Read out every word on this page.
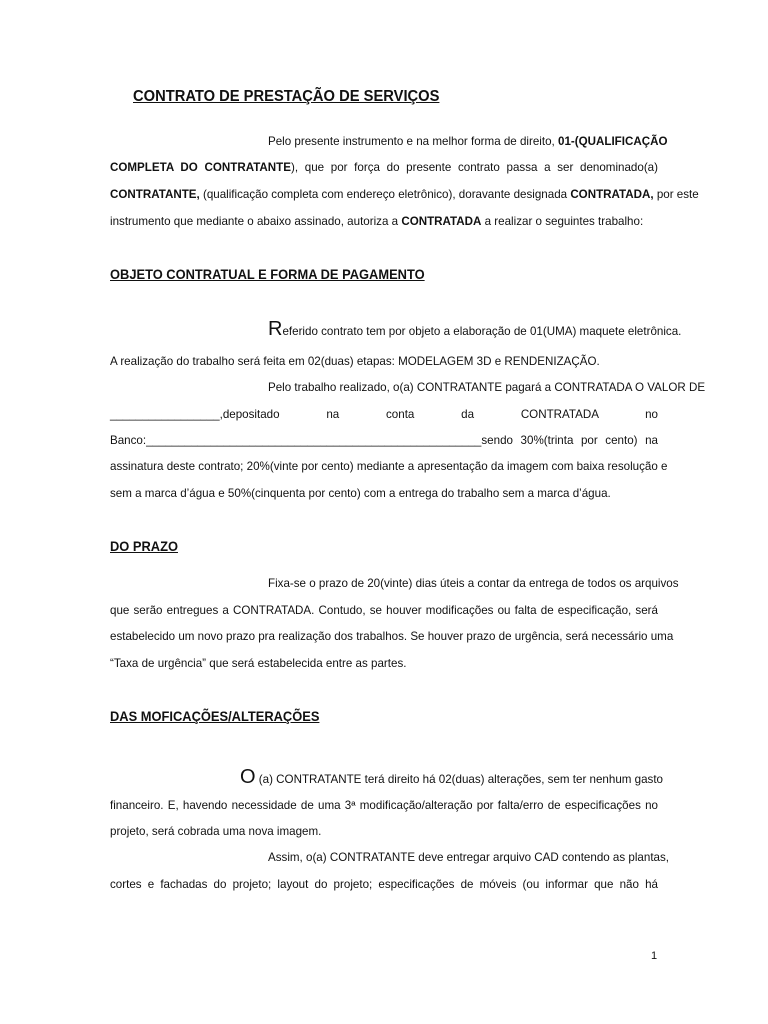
CONTRATO DE PRESTAÇÃO DE SERVIÇOS
Pelo presente instrumento e na melhor forma de direito, 01-(QUALIFICAÇÃO
COMPLETA DO CONTRATANTE), que por força do presente contrato passa a ser denominado(a)
CONTRATANTE, (qualificação completa com endereço eletrônico), doravante designada CONTRATADA, por este
instrumento que mediante o abaixo assinado, autoriza a CONTRATADA a realizar o seguintes trabalho:
OBJETO CONTRATUAL E FORMA DE PAGAMENTO
Referido contrato tem por objeto a elaboração de 01(UMA) maquete eletrônica.
A realização do trabalho será feita em 02(duas) etapas: MODELAGEM 3D e RENDENIZAÇÃO.
Pelo trabalho realizado, o(a) CONTRATANTE pagará a CONTRATADA O VALOR DE
_________________,depositado na conta da CONTRATADA no
Banco:____________________________________________________sendo 30%(trinta por cento) na
assinatura deste contrato; 20%(vinte por cento) mediante a apresentação da imagem com baixa resolução e
sem a marca d’água e 50%(cinquenta por cento) com a entrega do trabalho sem a marca d’água.
DO PRAZO
Fixa-se o prazo de 20(vinte) dias úteis a contar da entrega de todos os arquivos
que serão entregues a CONTRATADA. Contudo, se houver modificações ou falta de especificação, será
estabelecido um novo prazo pra realização dos trabalhos. Se houver prazo de urgência, será necessário uma
“Taxa de urgência” que será estabelecida entre as partes.
DAS MOFICAÇÕES/ALTERAÇÕES
O (a) CONTRATANTE terá direito há 02(duas) alterações, sem ter nenhum gasto
financeiro. E, havendo necessidade de uma 3ª modificação/alteração por falta/erro de especificações no
projeto, será cobrada uma nova imagem.
Assim, o(a) CONTRATANTE deve entregar arquivo CAD contendo as plantas,
cortes e fachadas do projeto; layout do projeto; especificações de móveis (ou informar que não há
1
